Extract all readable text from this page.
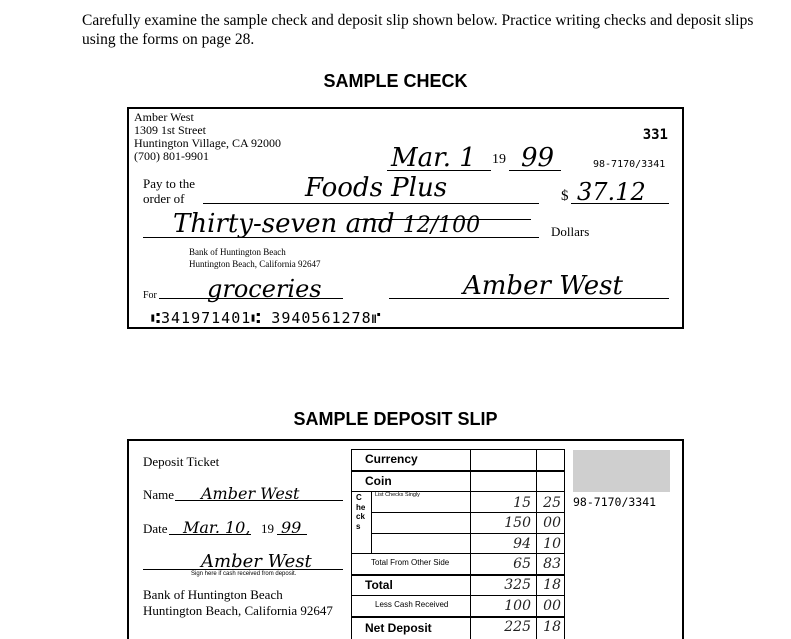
Carefully examine the sample check and deposit slip shown below. Practice writing checks and deposit slips using the forms on page 28.
SAMPLE CHECK
Amber West
1309 1st Street
Huntington Village, CA 92000
(700) 801-9901
331
Mar. 1 19 99	98-7170/3341
Pay to the
order of	Foods Plus	$ 37.12
Thirty-seven and 12/100	Dollars
Bank of Huntington Beach
Huntington Beach, California 92647
For groceries	Amber West
⑆341971401⑆ 3940561278⑈
SAMPLE DEPOSIT SLIP
Deposit Ticket
Name Amber West
Date Mar. 10, 19 99
Amber West
Sign here if cash received from deposit.
Bank of Huntington Beach
Huntington Beach, California 92647
Currency
Coin
Checks
List Checks Singly	15 25
150 00
94 10
Total From Other Side	65 83
Total	325 18
Less Cash Received	100 00
Net Deposit	225 18
98-7170/3341
